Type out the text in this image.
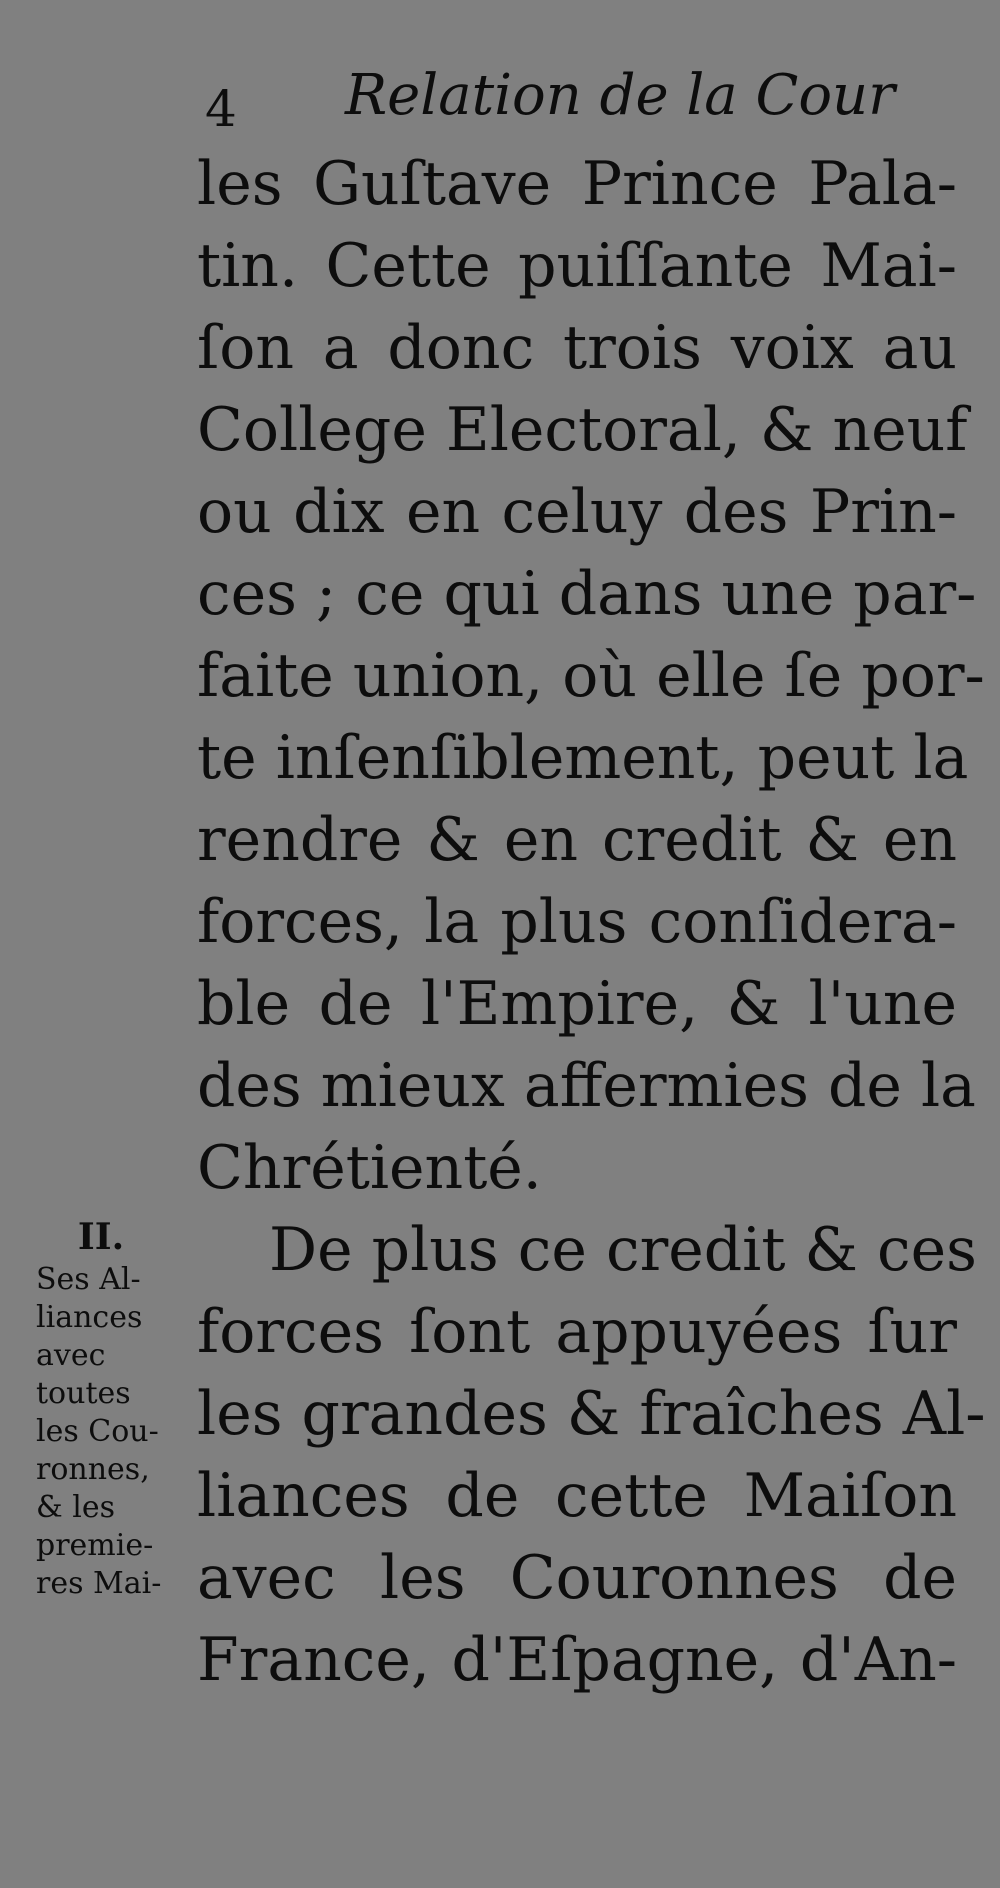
4 Relation de la Cour
les Guſtave Prince Pala-
tin. Cette puiſſante Mai-
ſon a donc trois voix au
College Electoral, & neuf
ou dix en celuy des Prin-
ces ; ce qui dans une par-
faite union, où elle ſe por-
te inſenſiblement, peut la
rendre & en credit & en
forces, la plus conſidera-
ble de l'Empire, & l'une
des mieux affermies de la
Chrétienté.
De plus ce credit & ces
forces ſont appuyées ſur
les grandes & fraîches Al-
liances de cette Maiſon
avec les Couronnes de
France, d'Eſpagne, d'An-
II.
Ses Al-
liances
avec
toutes
les Cou-
ronnes,
& les
premie-
res Mai-
